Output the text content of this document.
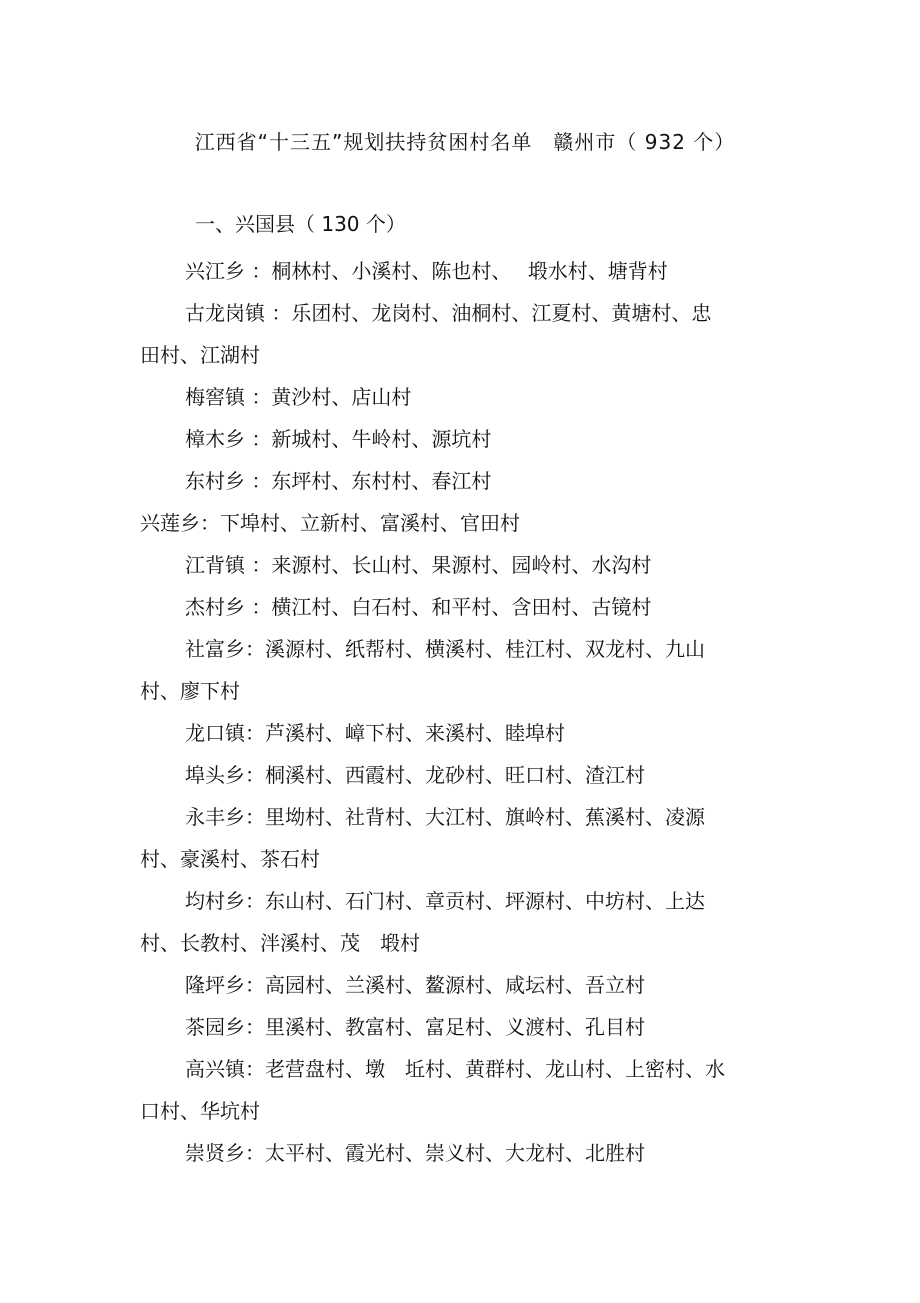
江西省“十三五”规划扶持贫困村名单　赣州市（ 932 个）
一、兴国县（ 130 个）
兴江乡 ：桐林村、小溪村、陈也村、　 塅水村、塘背村
古龙岗镇 ：乐团村、龙岗村、油桐村、江夏村、黄塘村、忠
田村、江湖村
梅窖镇 ：黄沙村、店山村
樟木乡 ：新城村、牛岭村、源坑村
东村乡 ：东坪村、东村村、春江村
兴莲乡：下埠村、立新村、富溪村、官田村
江背镇 ：来源村、长山村、果源村、园岭村、水沟村
杰村乡 ：横江村、白石村、和平村、含田村、古镜村
社富乡：溪源村、纸帮村、横溪村、桂江村、双龙村、九山
村、廖下村
龙口镇：芦溪村、嶂下村、来溪村、睦埠村
埠头乡：桐溪村、西霞村、龙砂村、旺口村、渣江村
永丰乡：里坳村、社背村、大江村、旗岭村、蕉溪村、凌源
村、豪溪村、茶石村
均村乡：东山村、石门村、章贡村、坪源村、中坊村、上达
村、长教村、泮溪村、茂　塅村
隆坪乡：高园村、兰溪村、鳌源村、咸坛村、吾立村
茶园乡：里溪村、教富村、富足村、义渡村、孔目村
高兴镇：老营盘村、墩　坵村、黄群村、龙山村、上密村、水
口村、华坑村
崇贤乡：太平村、霞光村、崇义村、大龙村、北胜村
